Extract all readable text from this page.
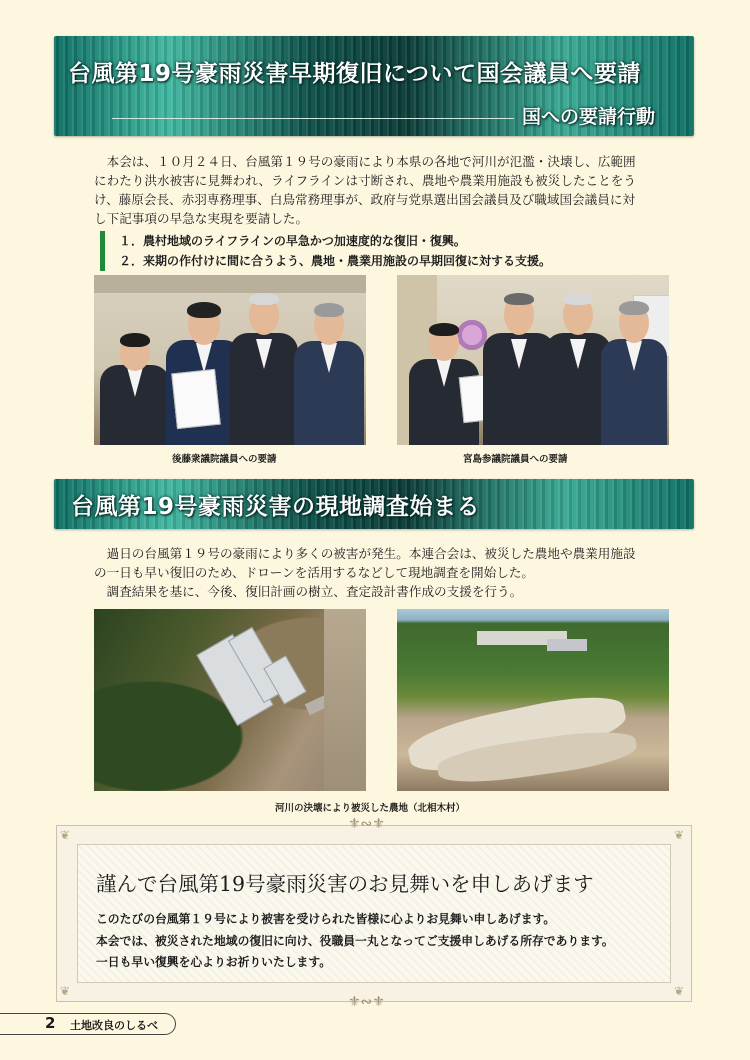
台風第19号豪雨災害早期復旧について国会議員へ要請
国への要請行動

　本会は、１０月２４日、台風第１９号の豪雨により本県の各地で河川が氾濫・決壊し、広範囲

にわたり洪水被害に見舞われ、ライフラインは寸断され、農地や農業用施設も被災したことをう

け、藤原会長、赤羽専務理事、白鳥常務理事が、政府与党県選出国会議員及び職域国会議員に対

し下記事項の早急な実現を要請した。

１．農村地域のライフラインの早急かつ加速度的な復旧・復興。
２．来期の作付けに間に合うよう、農地・農業用施設の早期回復に対する支援。
後藤衆議院議員への要請	宮島参議院議員への要請
台風第19号豪雨災害の現地調査始まる

　過日の台風第１９号の豪雨により多くの被害が発生。本連合会は、被災した農地や農業用施設

の一日も早い復旧のため、ドローンを活用するなどして現地調査を開始した。

　調査結果を基に、今後、復旧計画の樹立、査定設計書作成の支援を行う。

河川の決壊により被災した農地（北相木村）
⚜∾⚜
⚜∾⚜
❦	❦
❦	❦
謹んで台風第19号豪雨災害のお見舞いを申しあげます

このたびの台風第１９号により被害を受けられた皆様に心よりお見舞い申しあげます。

本会では、被災された地域の復旧に向け、役職員一丸となってご支援申しあげる所存であります。

一日も早い復興を心よりお祈りいたします。

2 土地改良のしるべ
